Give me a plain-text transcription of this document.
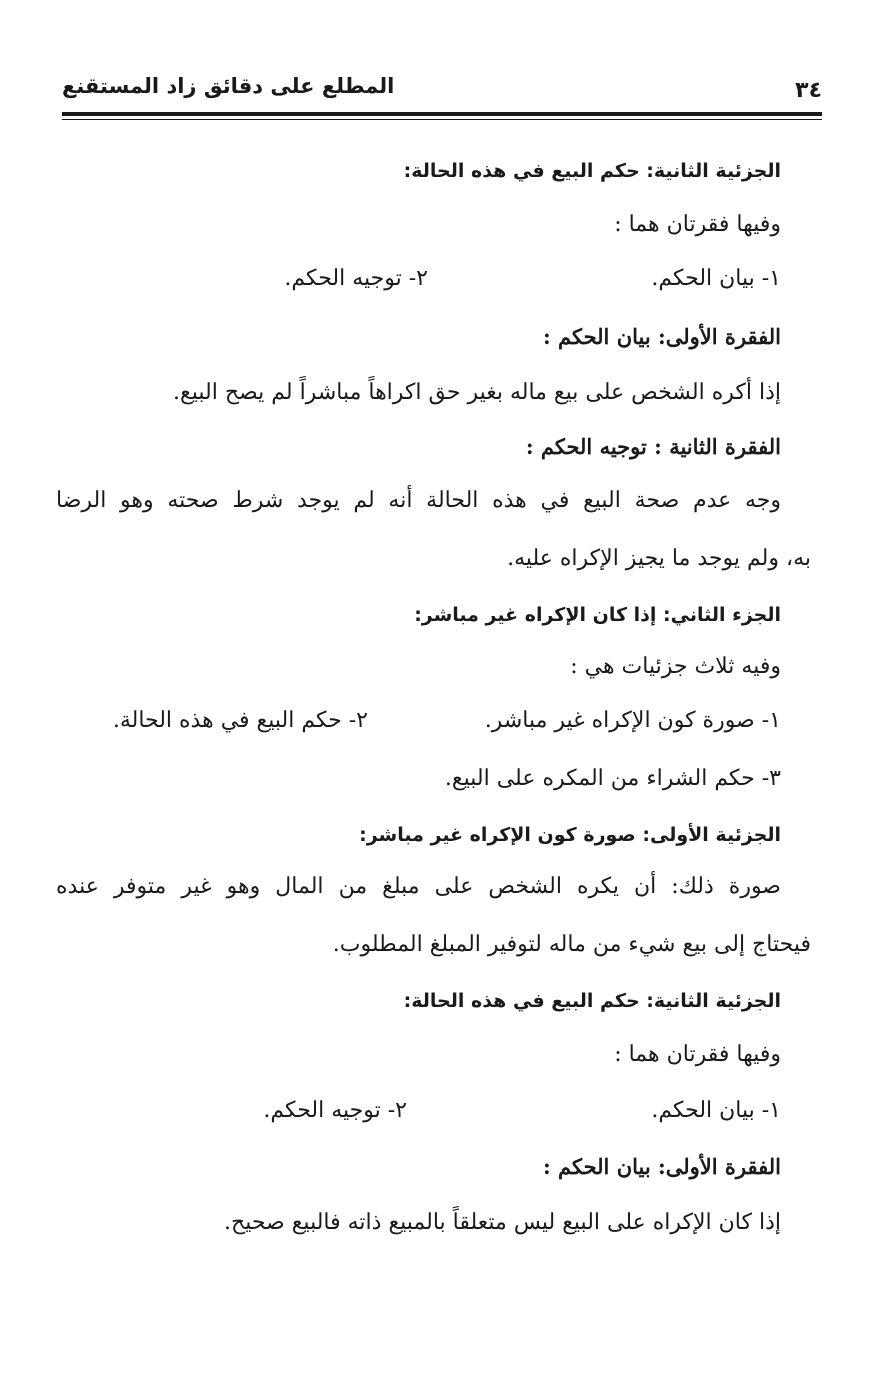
المطلع على دقائق زاد المستقنع	٣٤
الجزئية الثانية: حكم البيع في هذه الحالة:
وفيها فقرتان هما :
١- بيان الحكم.
٢- توجيه الحكم.
الفقرة الأولى: بيان الحكم :
إذا أكره الشخص على بيع ماله بغير حق اكراهاً مباشراً لم يصح البيع.
الفقرة الثانية : توجيه الحكم :
وجه عدم صحة البيع في هذه الحالة أنه لم يوجد شرط صحته وهو الرضا
به، ولم يوجد ما يجيز الإكراه عليه.
الجزء الثاني: إذا كان الإكراه غير مباشر:
وفيه ثلاث جزئيات هي :
١- صورة كون الإكراه غير مباشر.
٢- حكم البيع في هذه الحالة.
٣- حكم الشراء من المكره على البيع.
الجزئية الأولى: صورة كون الإكراه غير مباشر:
صورة ذلك: أن يكره الشخص على مبلغ من المال وهو غير متوفر عنده
فيحتاج إلى بيع شيء من ماله لتوفير المبلغ المطلوب.
الجزئية الثانية: حكم البيع في هذه الحالة:
وفيها فقرتان هما :
١- بيان الحكم.
٢- توجيه الحكم.
الفقرة الأولى: بيان الحكم :
إذا كان الإكراه على البيع ليس متعلقاً بالمبيع ذاته فالبيع صحيح.
